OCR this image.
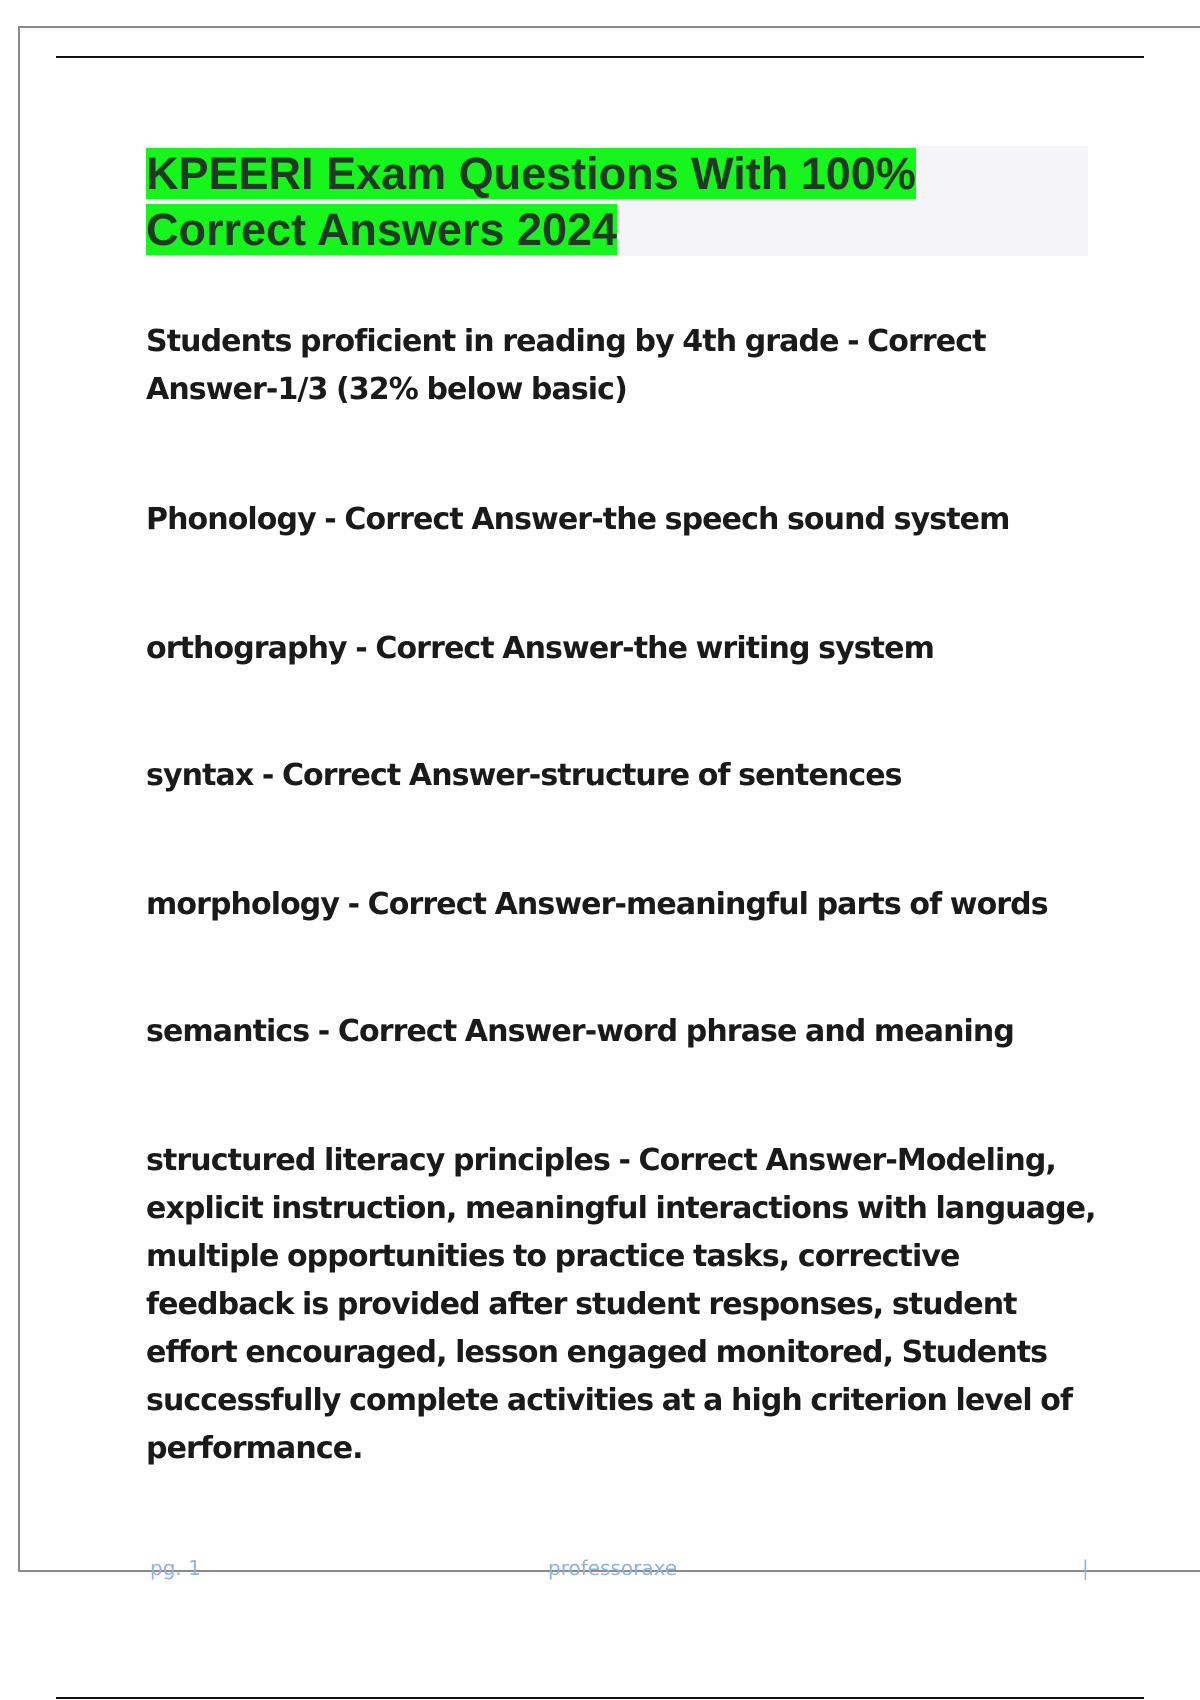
KPEERI Exam Questions With 100%
Correct Answers 2024

Students proficient in reading by 4th grade - Correct Answer-1/3 (32% below basic)

Phonology - Correct Answer-the speech sound system

orthography - Correct Answer-the writing system

syntax - Correct Answer-structure of sentences

morphology - Correct Answer-meaningful parts of words

semantics - Correct Answer-word phrase and meaning

structured literacy principles - Correct Answer-Modeling, explicit instruction, meaningful interactions with language, multiple opportunities to practice tasks, corrective feedback is provided after student responses, student effort encouraged, lesson engaged monitored, Students successfully complete activities at a high criterion level of performance.

pg. 1	professoraxe	|
